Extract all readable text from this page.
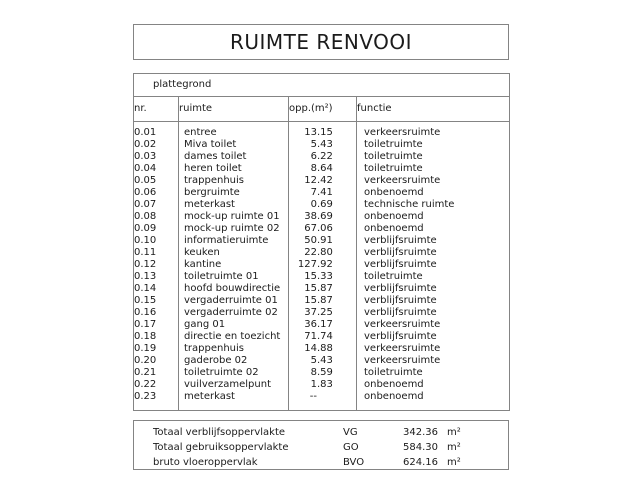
RUIMTE RENVOOI
plattegrond			
nr.	ruimte	opp.(m²)	functie
0.01	entree	13.15	verkeersruimte
0.02	Miva toilet	5.43	toiletruimte
0.03	dames toilet	6.22	toiletruimte
0.04	heren toilet	8.64	toiletruimte
0.05	trappenhuis	12.42	verkeersruimte
0.06	bergruimte	7.41	onbenoemd
0.07	meterkast	0.69	technische ruimte
0.08	mock-up ruimte 01	38.69	onbenoemd
0.09	mock-up ruimte 02	67.06	onbenoemd
0.10	informatieruimte	50.91	verblijfsruimte
0.11	keuken	22.80	verblijfsruimte
0.12	kantine	127.92	verblijfsruimte
0.13	toiletruimte 01	15.33	toiletruimte
0.14	hoofd bouwdirectie	15.87	verblijfsruimte
0.15	vergaderruimte 01	15.87	verblijfsruimte
0.16	vergaderruimte 02	37.25	verblijfsruimte
0.17	gang 01	36.17	verkeersruimte
0.18	directie en toezicht	71.74	verblijfsruimte
0.19	trappenhuis	14.88	verkeersruimte
0.20	gaderobe 02	5.43	verkeersruimte
0.21	toiletruimte 02	8.59	toiletruimte
0.22	vuilverzamelpunt	1.83	onbenoemd
0.23	meterkast	--	onbenoemd
Totaal verblijfsoppervlakte	VG	342.36 m²
Totaal gebruiksoppervlakte	GO	584.30 m²
bruto vloeroppervlak	BVO	624.16 m²
